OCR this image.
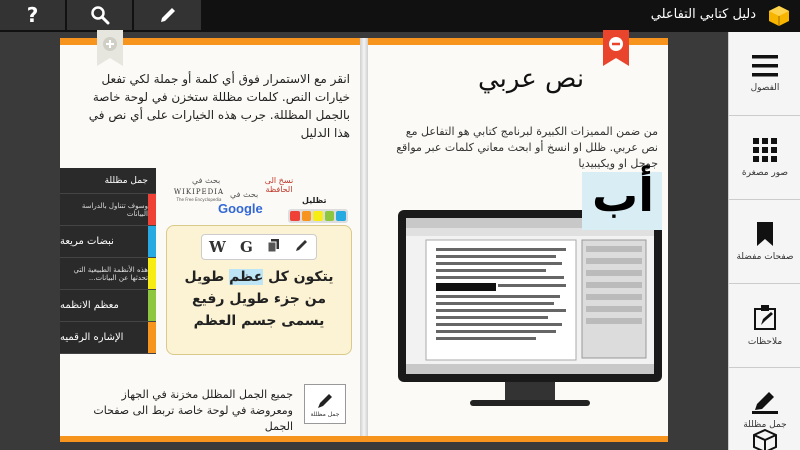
?	دليل كتابي التفاعلي
انقر مع الاستمرار فوق أي كلمة أو جملة لكي تفعل خيارات النص. كلمات مظللة ستخزن في لوحة خاصة بالجمل المظللة. جرب هذه الخيارات على أي نص في هذا الدليل
جمل مظللة
وسوف تتناول بالدراسة البيانات
نبضات مريعة
هذه الأنظمة الطبيعية التي تحدثها عن البيانات...
معظم الانظمه
الإشاره الرقميه
بحث في
WIKIPEDIA
The Free Encyclopedia
بحث في
Google
نسخ الى الحافظة
تظليل
W G
يتكون كل عظم طويل
من جزء طويل رفيع
يسمى جسم العظم
جميع الجمل المظلل مخزنة في الجهاز ومعروضة في لوحة خاصة تربط الى صفحات الجمل
جمل مظللة
نص عربي
من ضمن المميزات الكبيرة لبرنامج كتابي هو التفاعل مع نص عربي. ظلل او انسخ أو ابحث معاني كلمات عبر مواقع جوجل او ويكيبيديا
أب
الفصول
صور مصغرة
صفحات مفضلة
ملاحظات
جمل مظللة
